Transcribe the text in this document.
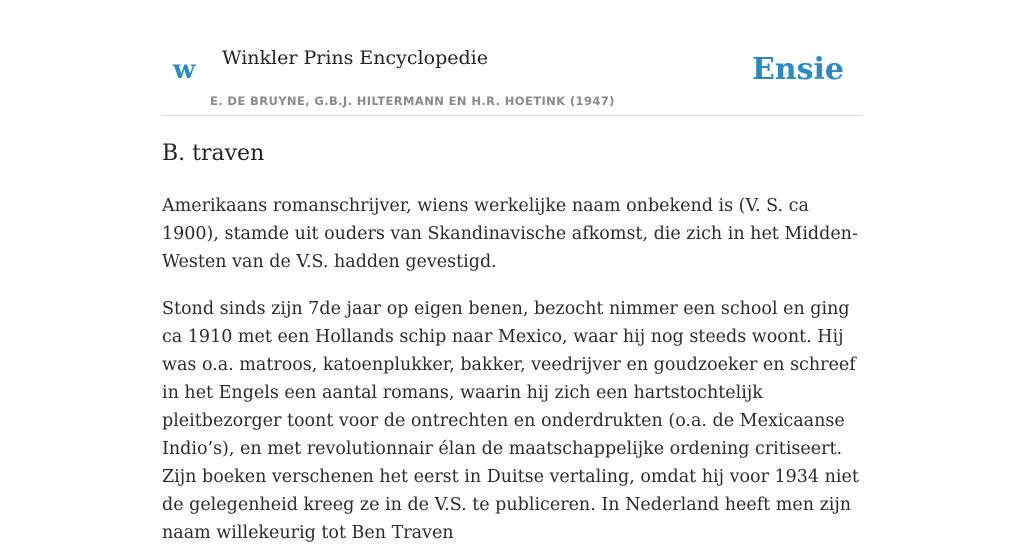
w Winkler Prins Encyclopedie
E. DE BRUYNE, G.B.J. HILTERMANN EN H.R. HOETINK (1947)
Ensie
B. traven

Amerikaans romanschrijver, wiens werkelijke naam onbekend is (V. S. ca 1900), stamde uit ouders van Skandinavische afkomst, die zich in het Midden-Westen van de V.S. hadden gevestigd.

Stond sinds zijn 7de jaar op eigen benen, bezocht nimmer een school en ging ca 1910 met een Hollands schip naar Mexico, waar hij nog steeds woont. Hij was o.a. matroos, katoenplukker, bakker, veedrijver en goudzoeker en schreef in het Engels een aantal romans, waarin hij zich een hartstochtelijk pleitbezorger toont voor de ontrechten en onderdrukten (o.a. de Mexicaanse Indio’s), en met revolutionnair élan de maatschappelijke ordening critiseert. Zijn boeken verschenen het eerst in Duitse vertaling, omdat hij voor 1934 niet de gelegenheid kreeg ze in de V.S. te publiceren. In Nederland heeft men zijn naam willekeurig tot Ben Traven
